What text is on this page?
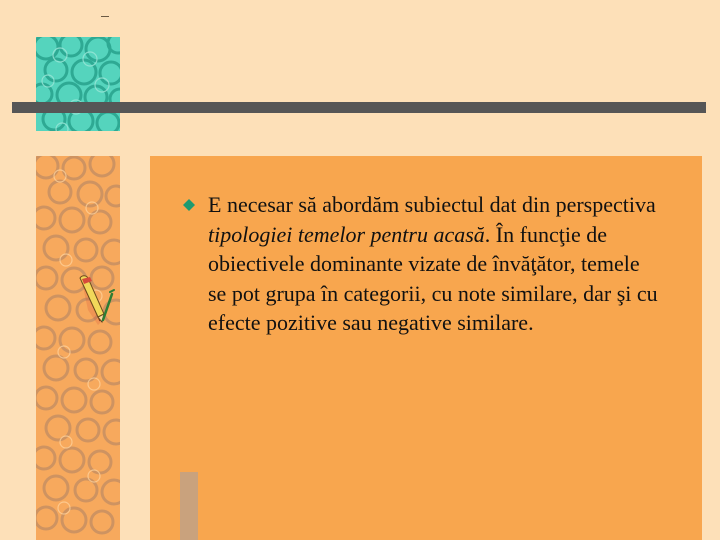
E necesar să abordăm subiectul dat din perspectiva tipologiei temelor pentru acasă. În funcţie de obiectivele dominante vizate de învăţător, temele se pot grupa în categorii, cu note similare, dar şi cu efecte pozitive sau negative similare.
